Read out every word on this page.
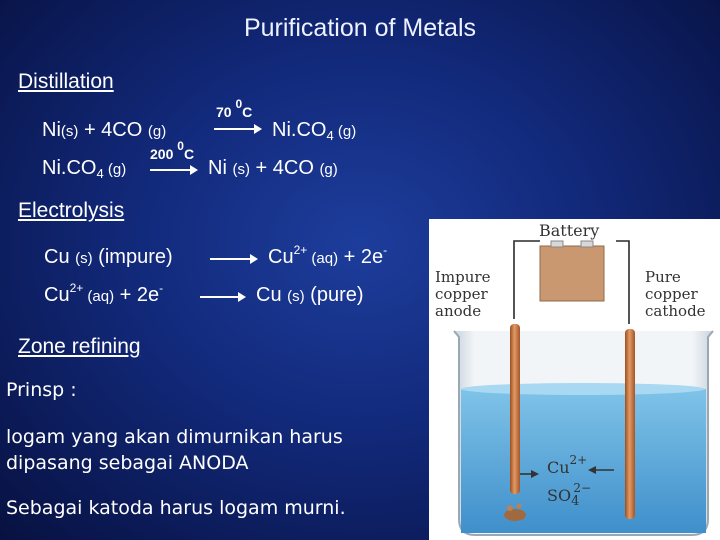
Purification of Metals
Distillation
Ni(s) + 4CO (g)
70 $^0$C
$Ni.CO_4$ (g)
$Ni.CO_4$ (g)
200 $^0$C
Ni (s) + 4CO (g)
Electrolysis
Cu (s) (impure)	$Cu^{2+}$ (aq) + 2e-
$Cu^{2+}$ (aq) + 2e-	Cu (s) (pure)
Zone refining
Prinsp :
logam yang akan dimurnikan harus
dipasang sebagai ANODA
Sebagai katoda harus logam murni.
Battery
Impure
copper
anode
Pure
copper
cathode
$Cu^{2+}$
$SO_4^{2-}$
